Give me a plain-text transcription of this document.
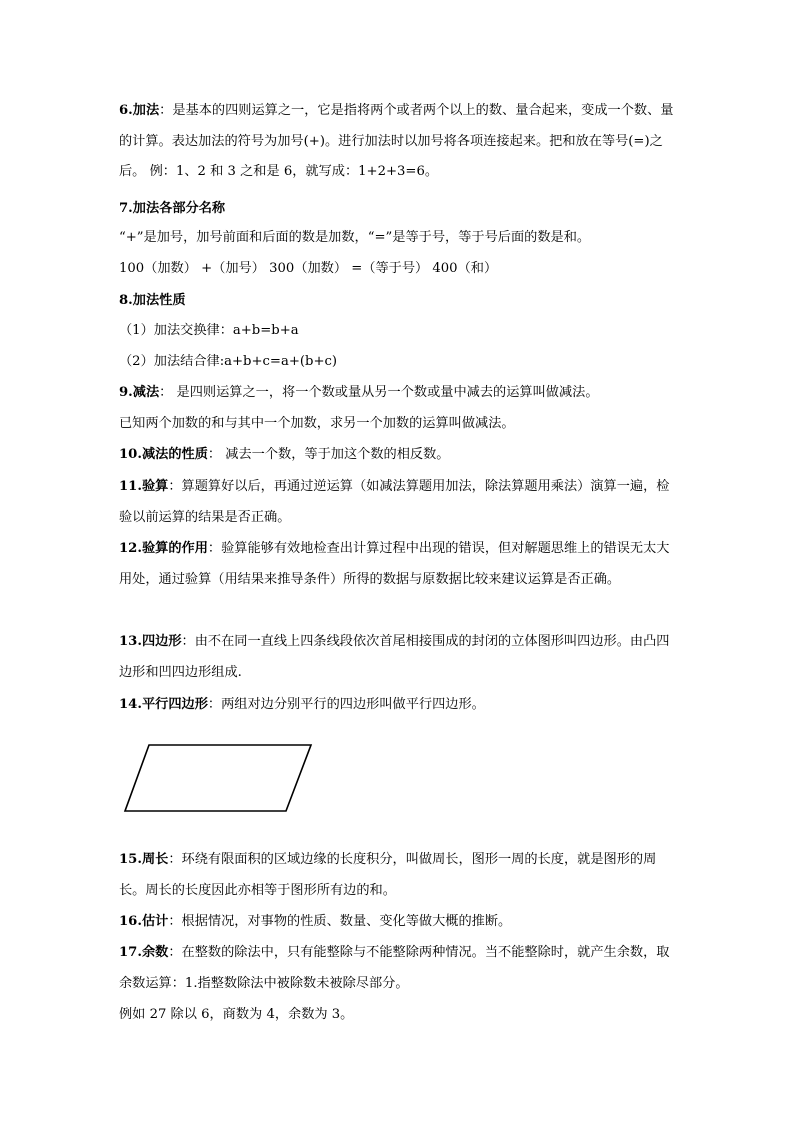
6.加法：是基本的四则运算之一，它是指将两个或者两个以上的数、量合起来，变成一个数、量的计算。表达加法的符号为加号(+)。进行加法时以加号将各项连接起来。把和放在等号(=)之后。 例：1、2 和 3 之和是 6，就写成：1+2+3=6。
7.加法各部分名称
“+”是加号，加号前面和后面的数是加数，“=”是等于号，等于号后面的数是和。
100（加数） +（加号） 300（加数） =（等于号） 400（和）
8.加法性质
（1）加法交换律：a+b=b+a
（2）加法结合律:a+b+c=a+(b+c)
9.减法： 是四则运算之一，将一个数或量从另一个数或量中减去的运算叫做减法。
已知两个加数的和与其中一个加数，求另一个加数的运算叫做减法。
10.减法的性质： 减去一个数，等于加这个数的相反数。
11.验算：算题算好以后，再通过逆运算（如减法算题用加法，除法算题用乘法）演算一遍，检验以前运算的结果是否正确。
12.验算的作用：验算能够有效地检查出计算过程中出现的错误，但对解题思维上的错误无太大用处，通过验算（用结果来推导条件）所得的数据与原数据比较来建议运算是否正确。
13.四边形：由不在同一直线上四条线段依次首尾相接围成的封闭的立体图形叫四边形。由凸四边形和凹四边形组成.
14.平行四边形：两组对边分别平行的四边形叫做平行四边形。
15.周长：环绕有限面积的区域边缘的长度积分，叫做周长，图形一周的长度，就是图形的周长。周长的长度因此亦相等于图形所有边的和。
16.估计：根据情况，对事物的性质、数量、变化等做大概的推断。
17.余数：在整数的除法中，只有能整除与不能整除两种情况。当不能整除时，就产生余数，取余数运算：1.指整数除法中被除数未被除尽部分。
例如 27 除以 6，商数为 4，余数为 3。
